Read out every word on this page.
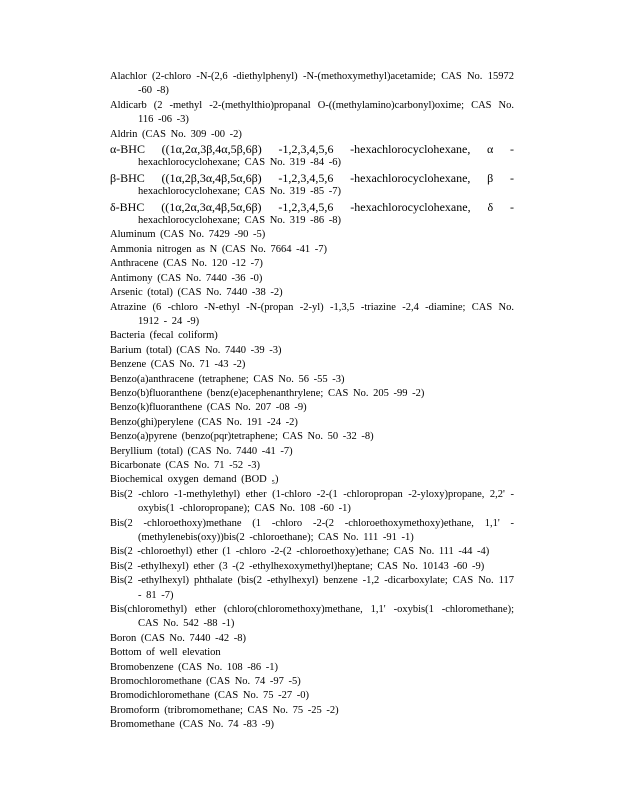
Alachlor (2-chloro -N-(2,6 -diethylphenyl) -N-(methoxymethyl)acetamide; CAS No. 15972 -60 -8)

Aldicarb (2 -methyl -2-(methylthio)propanal O-((methylamino)carbonyl)oxime; CAS No. 116 -06 -3)

Aldrin (CAS No. 309 -00 -2)

α-BHC ((1α,2α,3β,4α,5β,6β) -1,2,3,4,5,6 -hexachlorocyclohexane, α - hexachlorocyclohexane; CAS No. 319 -84 -6)

β-BHC ((1α,2β,3α,4β,5α,6β) -1,2,3,4,5,6 -hexachlorocyclohexane, β - hexachlorocyclohexane; CAS No. 319 -85 -7)

δ-BHC ((1α,2α,3α,4β,5α,6β) -1,2,3,4,5,6 -hexachlorocyclohexane, δ - hexachlorocyclohexane; CAS No. 319 -86 -8)

Aluminum (CAS No. 7429 -90 -5)

Ammonia nitrogen as N (CAS No. 7664 -41 -7)

Anthracene (CAS No. 120 -12 -7)

Antimony (CAS No. 7440 -36 -0)

Arsenic (total) (CAS No. 7440 -38 -2)

Atrazine (6 -chloro -N-ethyl -N-(propan -2-yl) -1,3,5 -triazine -2,4 -diamine; CAS No. 1912 - 24 -9)

Bacteria (fecal coliform)

Barium (total) (CAS No. 7440 -39 -3)

Benzene (CAS No. 71 -43 -2)

Benzo(a)anthracene (tetraphene; CAS No. 56 -55 -3)

Benzo(b)fluoranthene (benz(e)acephenanthrylene; CAS No. 205 -99 -2)

Benzo(k)fluoranthene (CAS No. 207 -08 -9)

Benzo(ghi)perylene (CAS No. 191 -24 -2)

Benzo(a)pyrene (benzo(pqr)tetraphene; CAS No. 50 -32 -8)

Beryllium (total) (CAS No. 7440 -41 -7)

Bicarbonate (CAS No. 71 -52 -3)

Biochemical oxygen demand (BOD ₅)

Bis(2 -chloro -1-methylethyl) ether (1-chloro -2-(1 -chloropropan -2-yloxy)propane, 2,2' - oxybis(1 -chloropropane); CAS No. 108 -60 -1)

Bis(2 -chloroethoxy)methane (1 -chloro -2-(2 -chloroethoxymethoxy)ethane, 1,1' - (methylenebis(oxy))bis(2 -chloroethane); CAS No. 111 -91 -1)

Bis(2 -chloroethyl) ether (1 -chloro -2-(2 -chloroethoxy)ethane; CAS No. 111 -44 -4)

Bis(2 -ethylhexyl) ether (3 -(2 -ethylhexoxymethyl)heptane; CAS No. 10143 -60 -9)

Bis(2 -ethylhexyl) phthalate (bis(2 -ethylhexyl) benzene -1,2 -dicarboxylate; CAS No. 117 - 81 -7)

Bis(chloromethyl) ether (chloro(chloromethoxy)methane, 1,1' -oxybis(1 -chloromethane); CAS No. 542 -88 -1)

Boron (CAS No. 7440 -42 -8)

Bottom of well elevation

Bromobenzene (CAS No. 108 -86 -1)

Bromochloromethane (CAS No. 74 -97 -5)

Bromodichloromethane (CAS No. 75 -27 -0)

Bromoform (tribromomethane; CAS No. 75 -25 -2)

Bromomethane (CAS No. 74 -83 -9)
